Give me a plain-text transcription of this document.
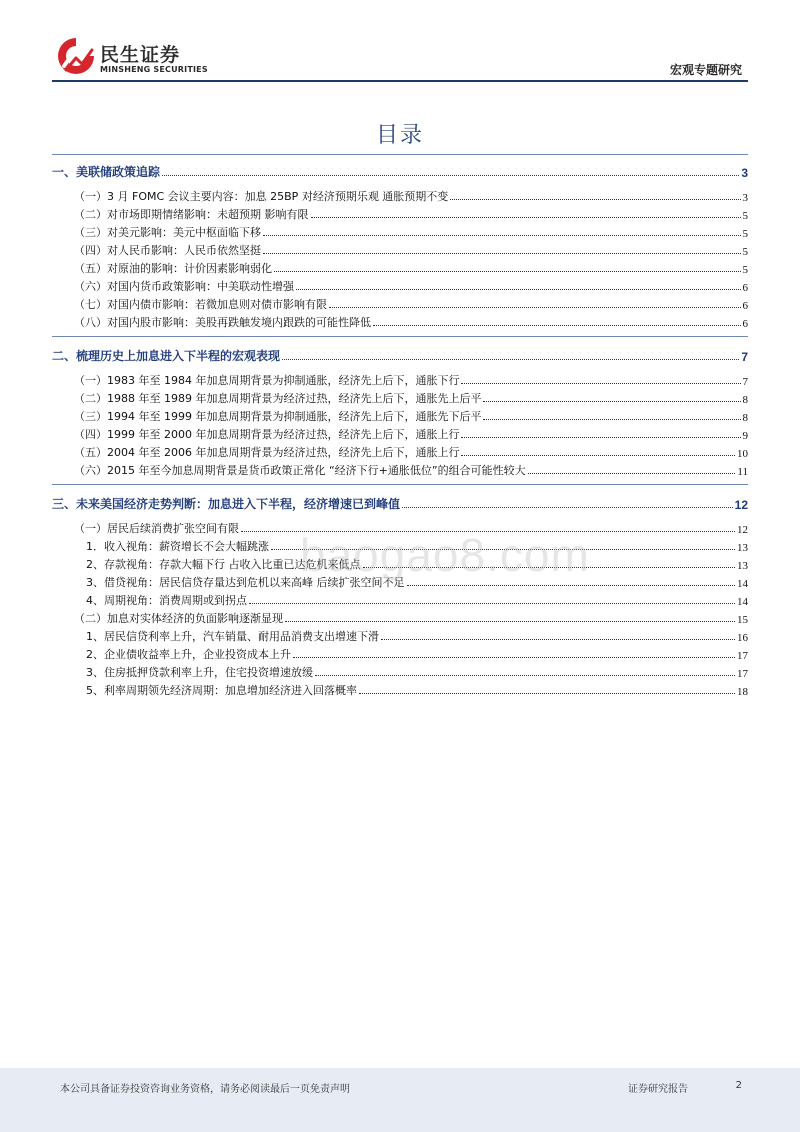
民生证券
MINSHENG SECURITIES	宏观专题研究
目录
一、美联储政策追踪	3
（一）3 月 FOMC 会议主要内容：加息 25BP 对经济预期乐观 通胀预期不变	3
（二）对市场即期情绪影响：未超预期 影响有限	5
（三）对美元影响：美元中枢面临下移	5
（四）对人民币影响：人民币依然坚挺	5
（五）对原油的影响：计价因素影响弱化	5
（六）对国内货币政策影响：中美联动性增强	6
（七）对国内债市影响：若微加息则对债市影响有限	6
（八）对国内股市影响：美股再跌触发境内跟跌的可能性降低	6
二、梳理历史上加息进入下半程的宏观表现	7
（一）1983 年至 1984 年加息周期背景为抑制通胀，经济先上后下，通胀下行	7
（二）1988 年至 1989 年加息周期背景为经济过热，经济先上后下，通胀先上后平	8
（三）1994 年至 1999 年加息周期背景为抑制通胀，经济先上后下，通胀先下后平	8
（四）1999 年至 2000 年加息周期背景为经济过热，经济先上后下，通胀上行	9
（五）2004 年至 2006 年加息周期背景为经济过热，经济先上后下，通胀上行	10
（六）2015 年至今加息周期背景是货币政策正常化 “经济下行+通胀低位”的组合可能性较大	11
三、未来美国经济走势判断：加息进入下半程，经济增速已到峰值	12
（一）居民后续消费扩张空间有限	12
1．收入视角：薪资增长不会大幅跳涨	13
2、存款视角：存款大幅下行 占收入比重已达危机来低点	13
3、借贷视角：居民信贷存量达到危机以来高峰 后续扩张空间不足	14
4、周期视角：消费周期或到拐点	14
（二）加息对实体经济的负面影响逐渐显现	15
1、居民信贷利率上升，汽车销量、耐用品消费支出增速下滑	16
2、企业债收益率上升，企业投资成本上升	17
3、住房抵押贷款利率上升，住宅投资增速放缓	17
5、利率周期领先经济周期：加息增加经济进入回落概率	18
baogao8.com
本公司具备证券投资咨询业务资格，请务必阅读最后一页免责声明	证券研究报告	2
